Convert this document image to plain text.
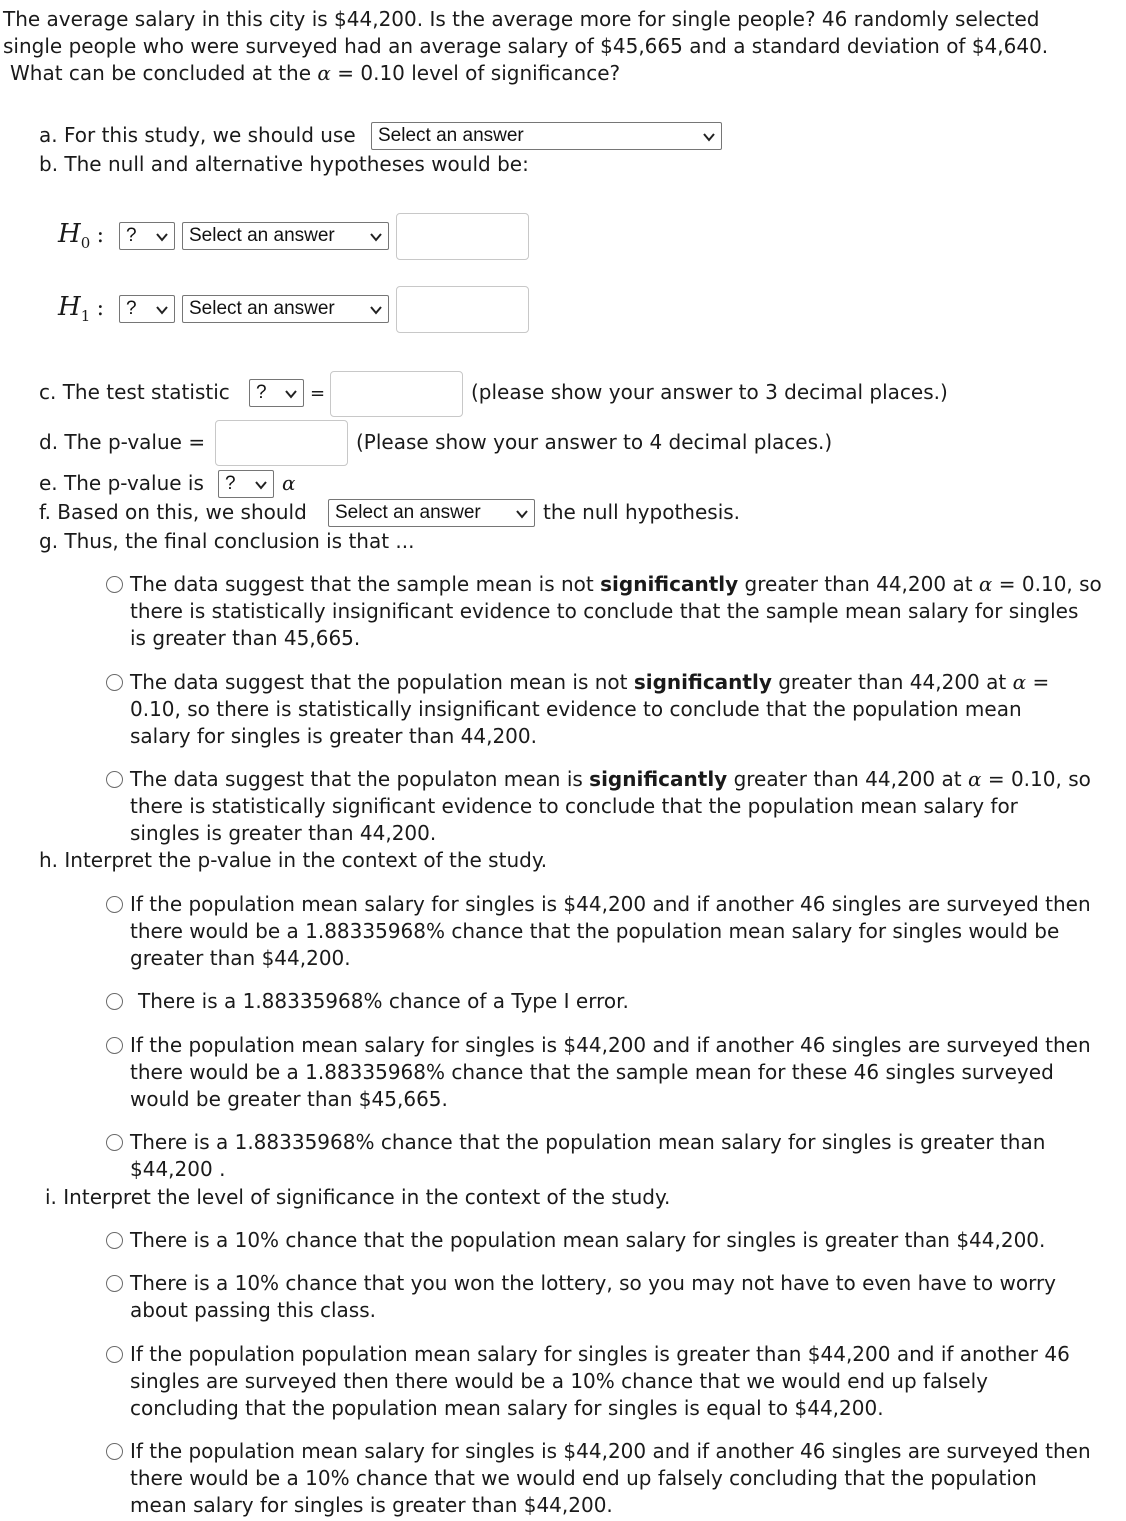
The average salary in this city is $44,200. Is the average more for single people? 46 randomly selected
single people who were surveyed had an average salary of $45,665 and a standard deviation of $4,640.
What can be concluded at the α = 0.10 level of significance?
a. For this study, we should use	Select an answer
b. The null and alternative hypotheses would be:
$H_0$ :	?	Select an answer
$H_1$ :	?	Select an answer
c. The test statistic	?	=	(please show your answer to 3 decimal places.)
d. The p-value =	(Please show your answer to 4 decimal places.)
e. The p-value is	?	α
f. Based on this, we should	Select an answer	the null hypothesis.
g. Thus, the final conclusion is that ...
The data suggest that the sample mean is not significantly greater than 44,200 at α = 0.10, so
there is statistically insignificant evidence to conclude that the sample mean salary for singles
is greater than 45,665.
The data suggest that the population mean is not significantly greater than 44,200 at α =
0.10, so there is statistically insignificant evidence to conclude that the population mean
salary for singles is greater than 44,200.
The data suggest that the populaton mean is significantly greater than 44,200 at α = 0.10, so
there is statistically significant evidence to conclude that the population mean salary for
singles is greater than 44,200.
h. Interpret the p-value in the context of the study.
If the population mean salary for singles is $44,200 and if another 46 singles are surveyed then
there would be a 1.88335968% chance that the population mean salary for singles would be
greater than $44,200.
There is a 1.88335968% chance of a Type I error.
If the population mean salary for singles is $44,200 and if another 46 singles are surveyed then
there would be a 1.88335968% chance that the sample mean for these 46 singles surveyed
would be greater than $45,665.
There is a 1.88335968% chance that the population mean salary for singles is greater than
$44,200 .
i. Interpret the level of significance in the context of the study.
There is a 10% chance that the population mean salary for singles is greater than $44,200.
There is a 10% chance that you won the lottery, so you may not have to even have to worry
about passing this class.
If the population population mean salary for singles is greater than $44,200 and if another 46
singles are surveyed then there would be a 10% chance that we would end up falsely
concluding that the population mean salary for singles is equal to $44,200.
If the population mean salary for singles is $44,200 and if another 46 singles are surveyed then
there would be a 10% chance that we would end up falsely concluding that the population
mean salary for singles is greater than $44,200.
